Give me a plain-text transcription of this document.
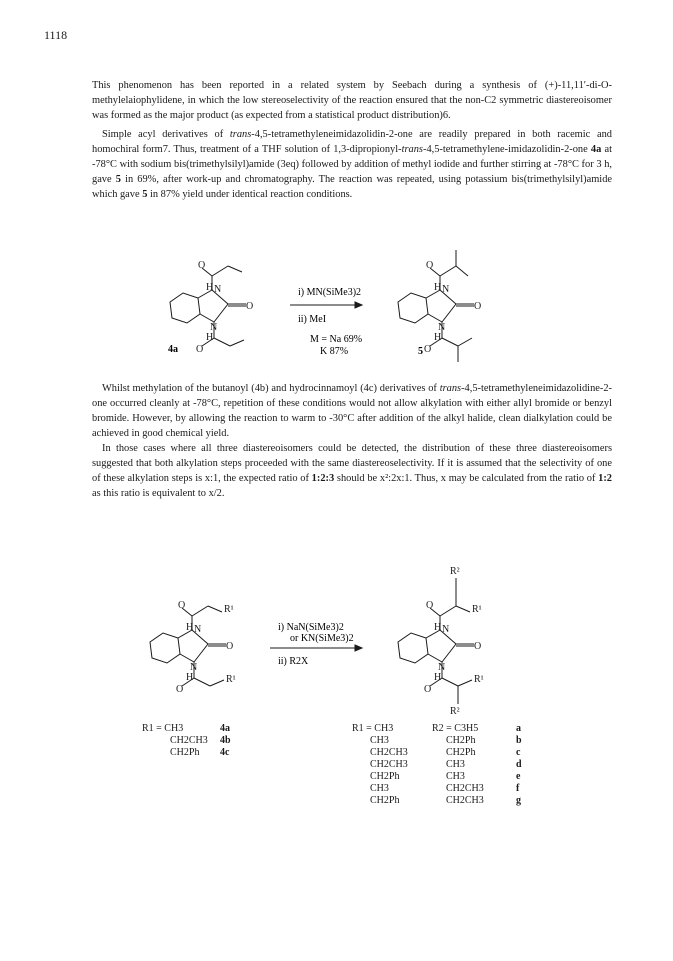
1118

This phenomenon has been reported in a related system by Seebach during a synthesis of (+)-11,11′-di-O-methylelaiophylidene, in which the low stereoselectivity of the reaction ensured that the non-C2 symmetric diastereoisomer was formed as the major product (as expected from a statistical product distribution)6.

Simple acyl derivatives of trans-4,5-tetramethyleneimidazolidin-2-one are readily prepared in both racemic and homochiral form7. Thus, treatment of a THF solution of 1,3-dipropionyl-trans-4,5-tetramethylene-imidazolidin-2-one 4a at -78°C with sodium bis(trimethylsilyl)amide (3eq) followed by addition of methyl iodide and further stirring at -78°C for 3 h, gave 5 in 69%, after work-up and chromatography. The reaction was repeated, using potassium bis(trimethylsilyl)amide which gave 5 in 87% yield under identical reaction conditions.

O
H N
O
N
H
O
O
H N
O
N
H
O
i) MN(SiMe3)2
ii) MeI
M = Na 69%
K 87%
4a	5

Whilst methylation of the butanoyl (4b) and hydrocinnamoyl (4c) derivatives of trans-4,5-tetramethyleneimidazolidine-2-one occurred cleanly at -78°C, repetition of these conditions would not allow alkylation with either allyl bromide or benzyl bromide. However, by allowing the reaction to warm to -30°C after addition of the alkyl halide, clean dialkylation could be achieved in good chemical yield.

In those cases where all three diastereoisomers could be detected, the distribution of these three diastereoisomers suggested that both alkylation steps proceeded with the same diastereoselectivity. If it is assumed that the selectivity of one of these alkylation steps is x:1, the expected ratio of 1:2:3 should be x²:2x:1. Thus, x may be calculated from the ratio of 1:2 as this ratio is equivalent to x/2.

O
H N
O
N
H
O
R¹
R¹
O
H N
O
N
H
O
R¹
R¹
R²
R²
i) NaN(SiMe3)2
or KN(SiMe3)2
ii) R2X
R1 = CH3	4a
CH2CH3 4b
CH2Ph 4c
R1 = CH3	R2 = C3H5	a
CH3	CH2Ph	b
CH2CH3	CH2Ph	c
CH2CH3	CH3	d
CH2Ph	CH3	e
CH3	CH2CH3	f
CH2Ph	CH2CH3	g
